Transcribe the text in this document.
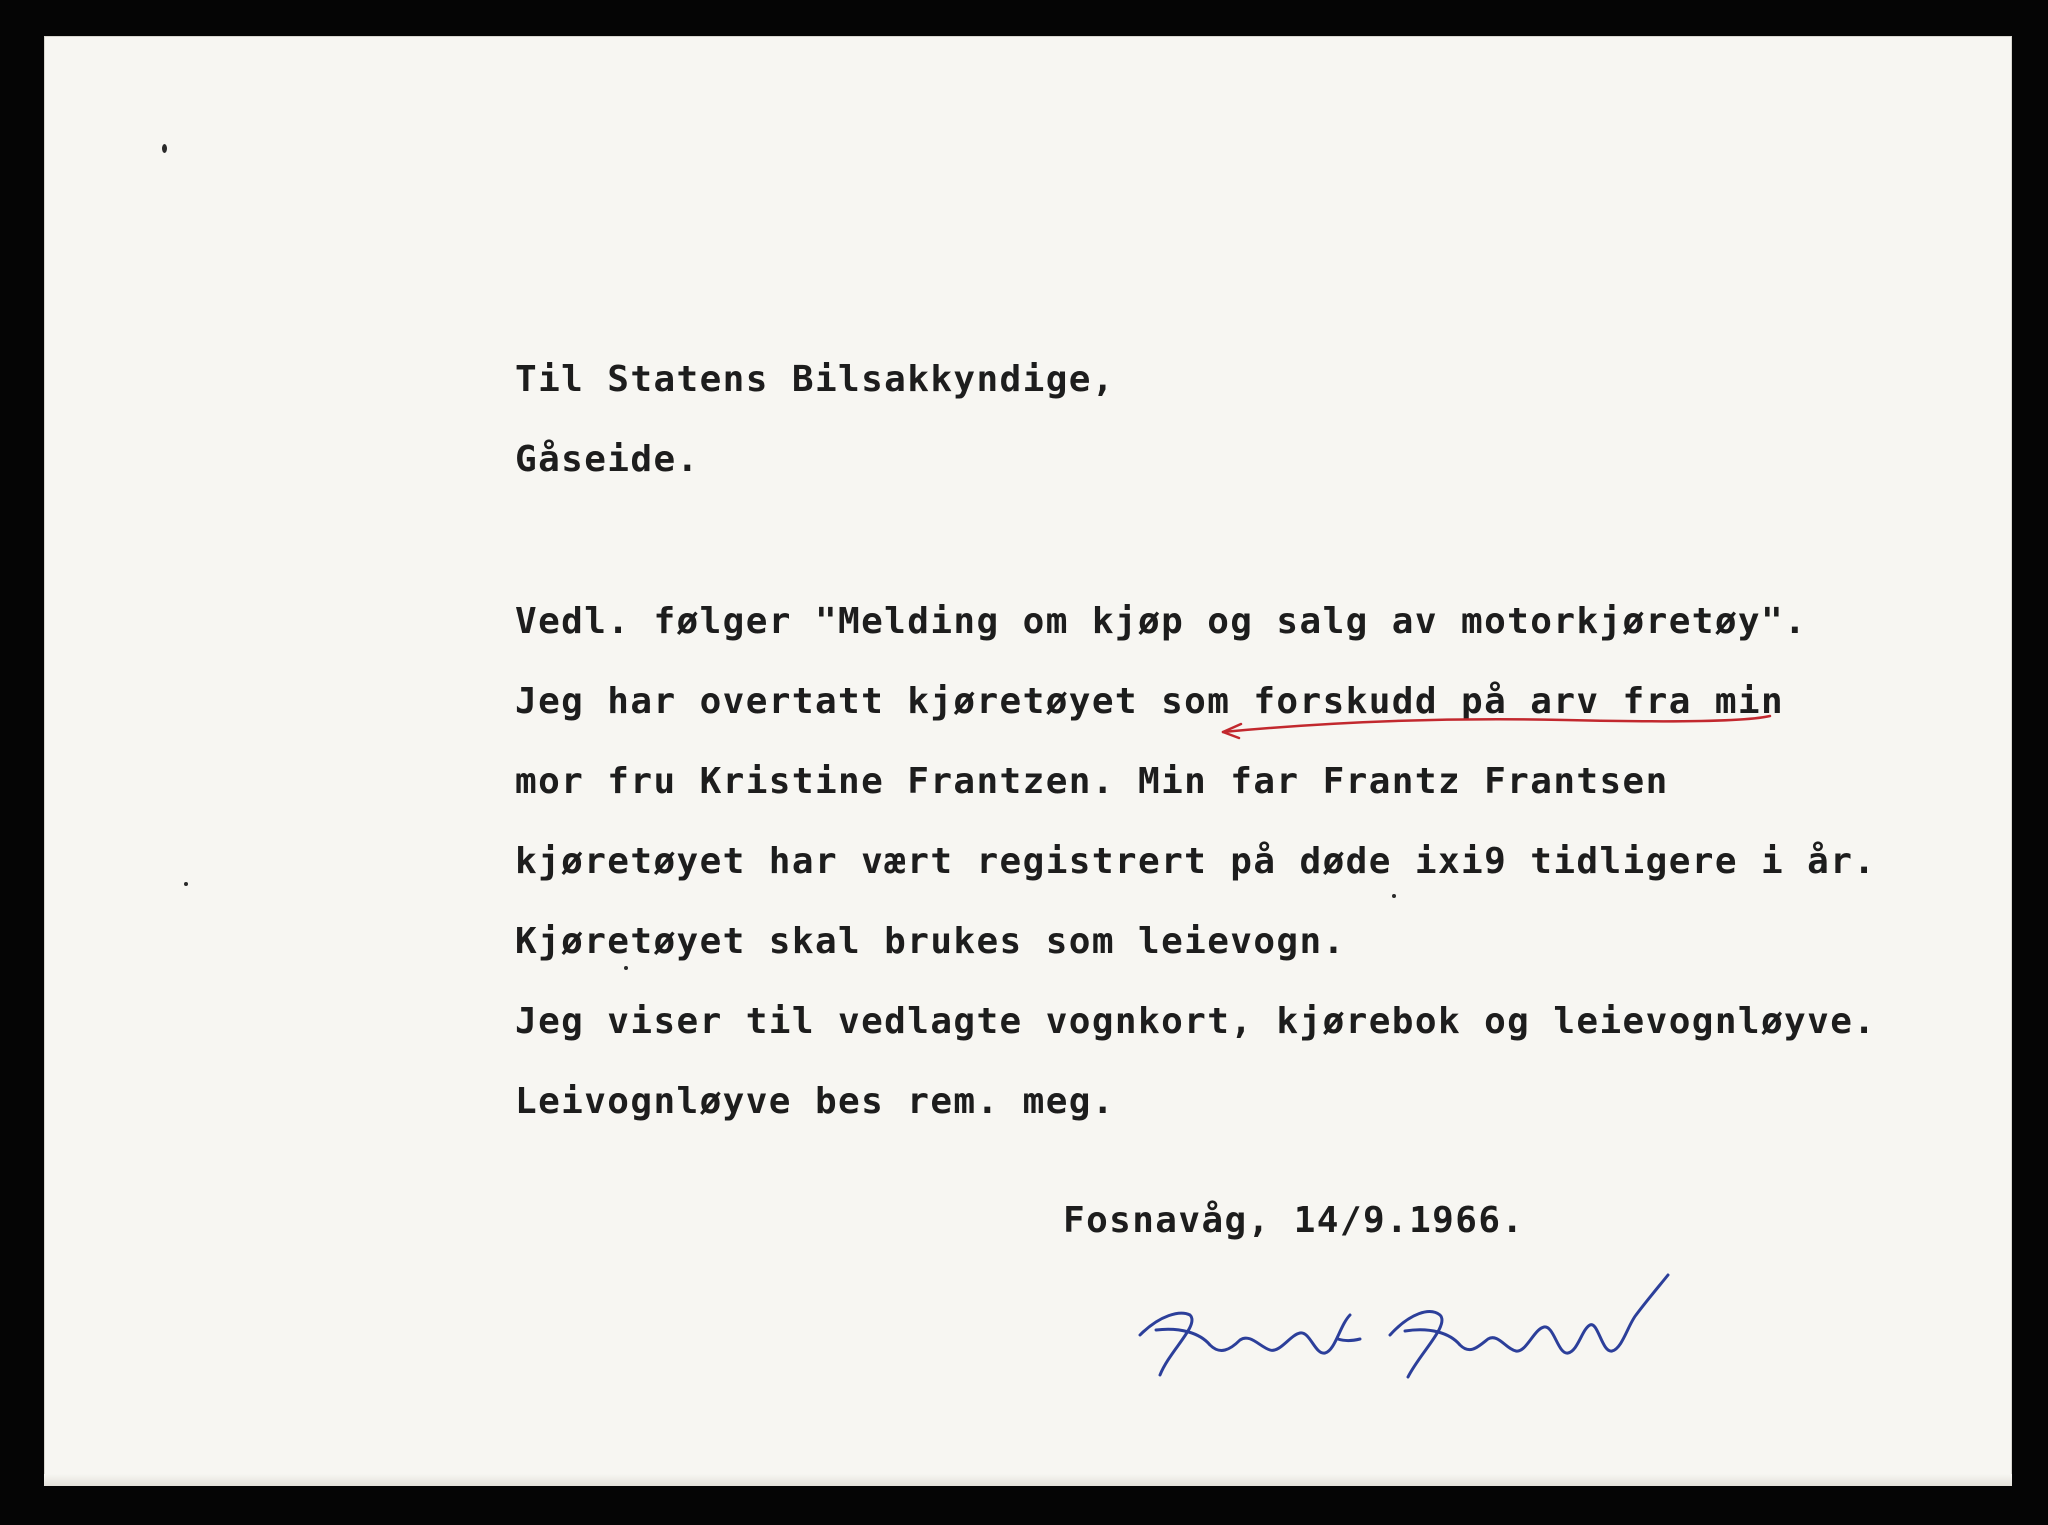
Til Statens Bilsakkyndige,
Gåseide.
Vedl. følger "Melding om kjøp og salg av motorkjøretøy".
Jeg har overtatt kjøretøyet som forskudd på arv fra min
mor fru Kristine Frantzen. Min far Frantz Frantsen
kjøretøyet har vært registrert på døde ixi9 tidligere i år.
Kjøretøyet skal brukes som leievogn.
Jeg viser til vedlagte vognkort, kjørebok og leievognløyve.
Leivognløyve bes rem. meg.
Fosnavåg, 14/9.1966.
